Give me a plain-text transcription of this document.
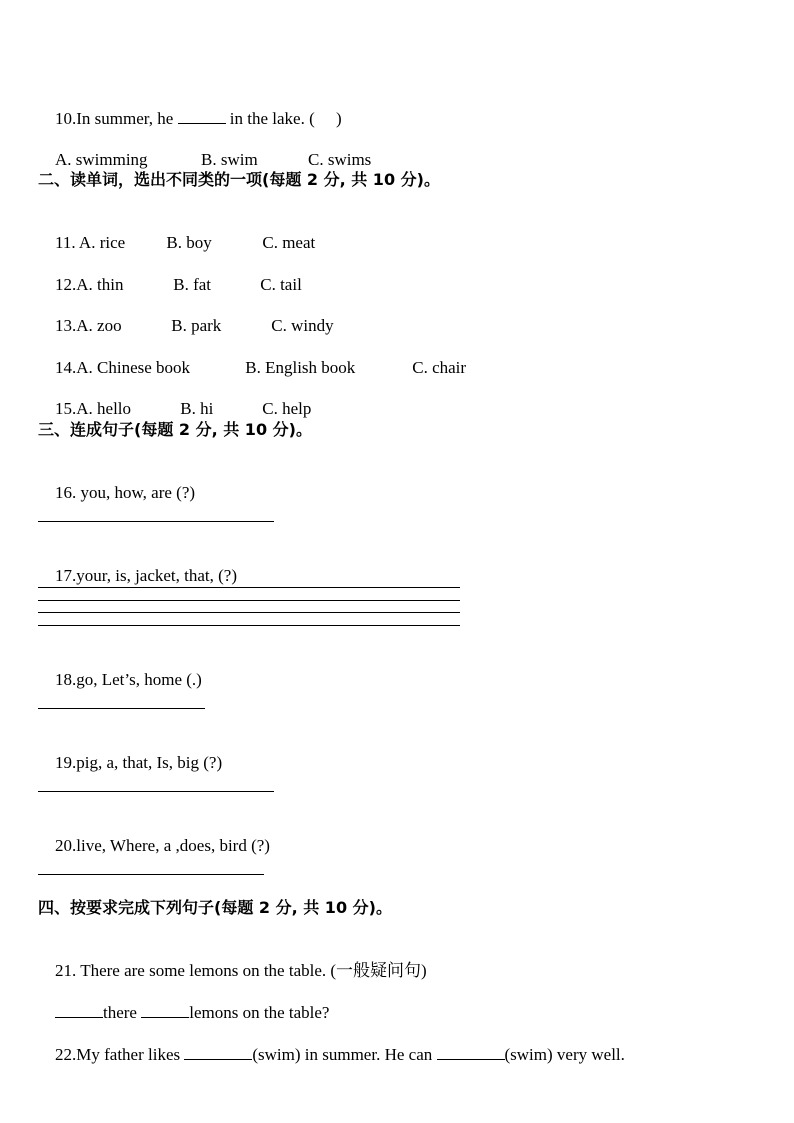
10.In summer, he	in the lake. (     )

A. swimming	B. swim	C. swims

二、读单词，选出不同类的一项(每题 2 分, 共 10 分)。

11. A. rice B. boy	C. meat

12.A. thin	B. fat	C. tail

13.A. zoo	B. park	C. windy

14.A. Chinese book	B. English book	C. chair

15.A. hello	B. hi	C. help

三、连成句子(每题 2 分, 共 10 分)。

16. you, how, are (?)

17.your, is, jacket, that, (?)

18.go, Let’s, home (.)

19.pig, a, that, Is, big (?)

20.live, Where, a ,does, bird (?)

四、按要求完成下列句子(每题 2 分, 共 10 分)。

21. There are some lemons on the table. (一般疑问句)

there	lemons on the table?

22.My father likes	(swim) in summer. He can	(swim) very well.
